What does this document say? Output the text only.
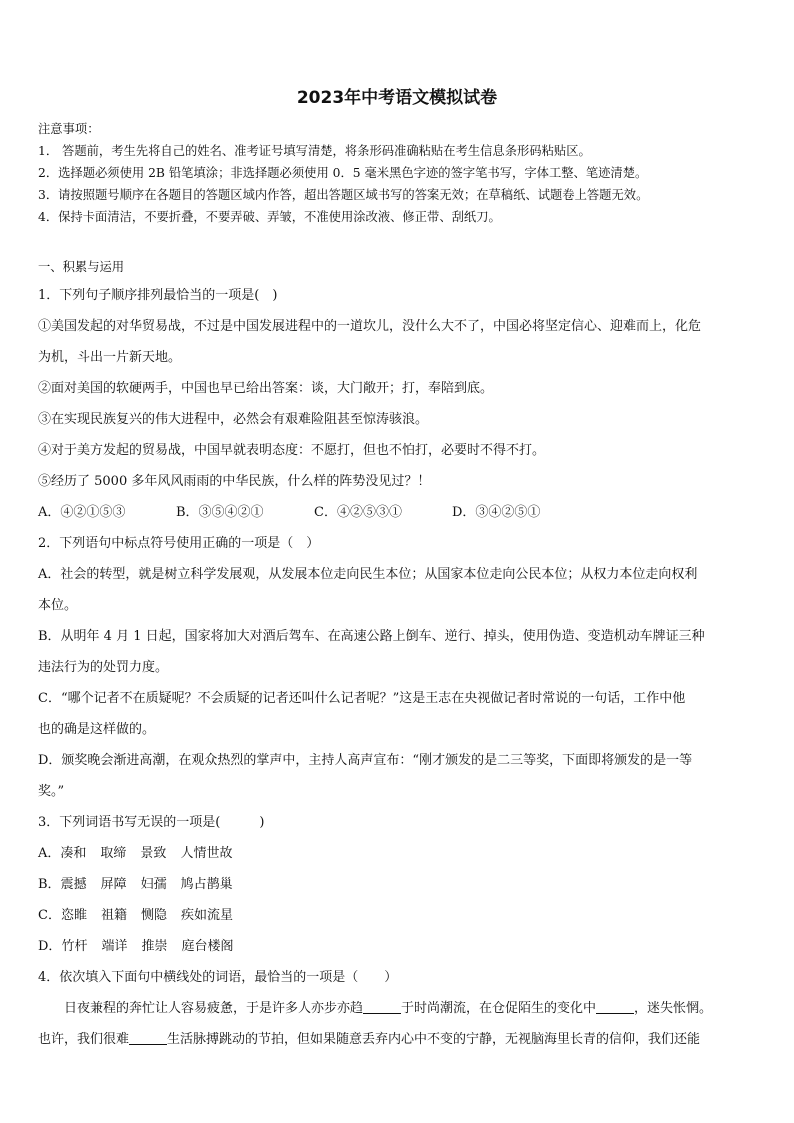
2023年中考语文模拟试卷
注意事项：
1． 答题前，考生先将自己的姓名、准考证号填写清楚，将条形码准确粘贴在考生信息条形码粘贴区。
2．选择题必须使用 2B 铅笔填涂；非选择题必须使用 0．5 毫米黑色字迹的签字笔书写，字体工整、笔迹清楚。
3．请按照题号顺序在各题目的答题区域内作答，超出答题区域书写的答案无效；在草稿纸、试题卷上答题无效。
4．保持卡面清洁，不要折叠，不要弄破、弄皱，不准使用涂改液、修正带、刮纸刀。
一、积累与运用
1．下列句子顺序排列最恰当的一项是(　)
①美国发起的对华贸易战，不过是中国发展进程中的一道坎儿，没什么大不了，中国必将坚定信心、迎难而上，化危
为机，斗出一片新天地。
②面对美国的软硬两手，中国也早已给出答案：谈，大门敞开；打，奉陪到底。
③在实现民族复兴的伟大进程中，必然会有艰难险阻甚至惊涛骇浪。
④对于美方发起的贸易战，中国早就表明态度：不愿打，但也不怕打，必要时不得不打。
⑤经历了 5000 多年风风雨雨的中华民族，什么样的阵势没见过？！
A．④②①⑤③	B．③⑤④②①	C．④②⑤③①	D．③④②⑤①
2．下列语句中标点符号使用正确的一项是（　）
A．社会的转型，就是树立科学发展观，从发展本位走向民生本位；从国家本位走向公民本位；从权力本位走向权利
本位。
B．从明年 4 月 1 日起，国家将加大对酒后驾车、在高速公路上倒车、逆行、掉头，使用伪造、变造机动车牌证三种
违法行为的处罚力度。
C．“哪个记者不在质疑呢？不会质疑的记者还叫什么记者呢？”这是王志在央视做记者时常说的一句话，工作中他
也的确是这样做的。
D．颁奖晚会渐进高潮，在观众热烈的掌声中，主持人高声宣布：“刚才颁发的是二三等奖，下面即将颁发的是一等
奖。”
3．下列词语书写无误的一项是(　　　)
A．凑和 取缔 景致 人情世故
B．震撼 屏障 妇孺 鸠占鹊巢
C．恣睢 祖籍 恻隐 疾如流星
D．竹杆 端详 推崇 庭台楼阁
4．依次填入下面句中横线处的词语，最恰当的一项是（　　）
日夜兼程的奔忙让人容易疲惫，于是许多人亦步亦趋	于时尚潮流，在仓促陌生的变化中	，迷失怅惘。
也许，我们很难	生活脉搏跳动的节拍，但如果随意丢弃内心中不变的宁静，无视脑海里长青的信仰，我们还能
